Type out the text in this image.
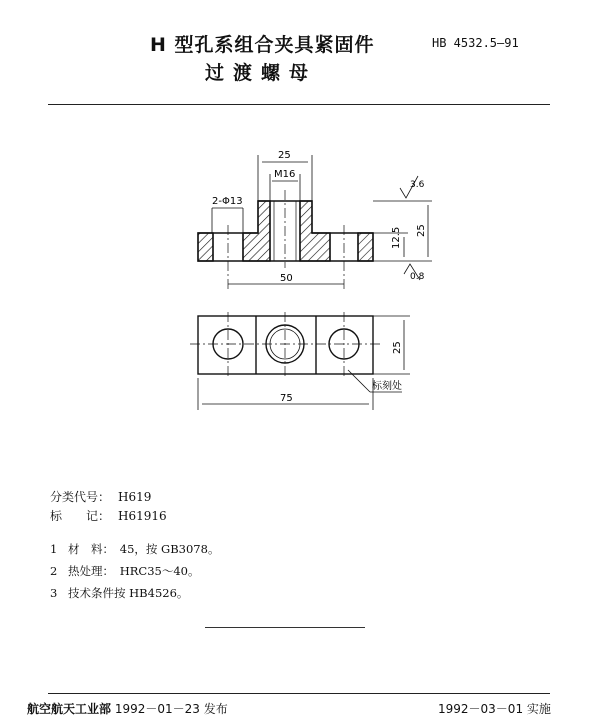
H 型孔系组合夹具紧固件
过渡螺母
HB 4532.5—91
25
M16
2-Φ13
3.6
0.8
12.5 25
50
25
75
标刻处
分类代号： H619
标　　记： H61916
1 材　料：　45，按 GB3078。
2 热处理：　HRC35～40。
3 技术条件按 HB4526。
航空航天工业部 1992－01－23 发布	1992－03－01 实施
